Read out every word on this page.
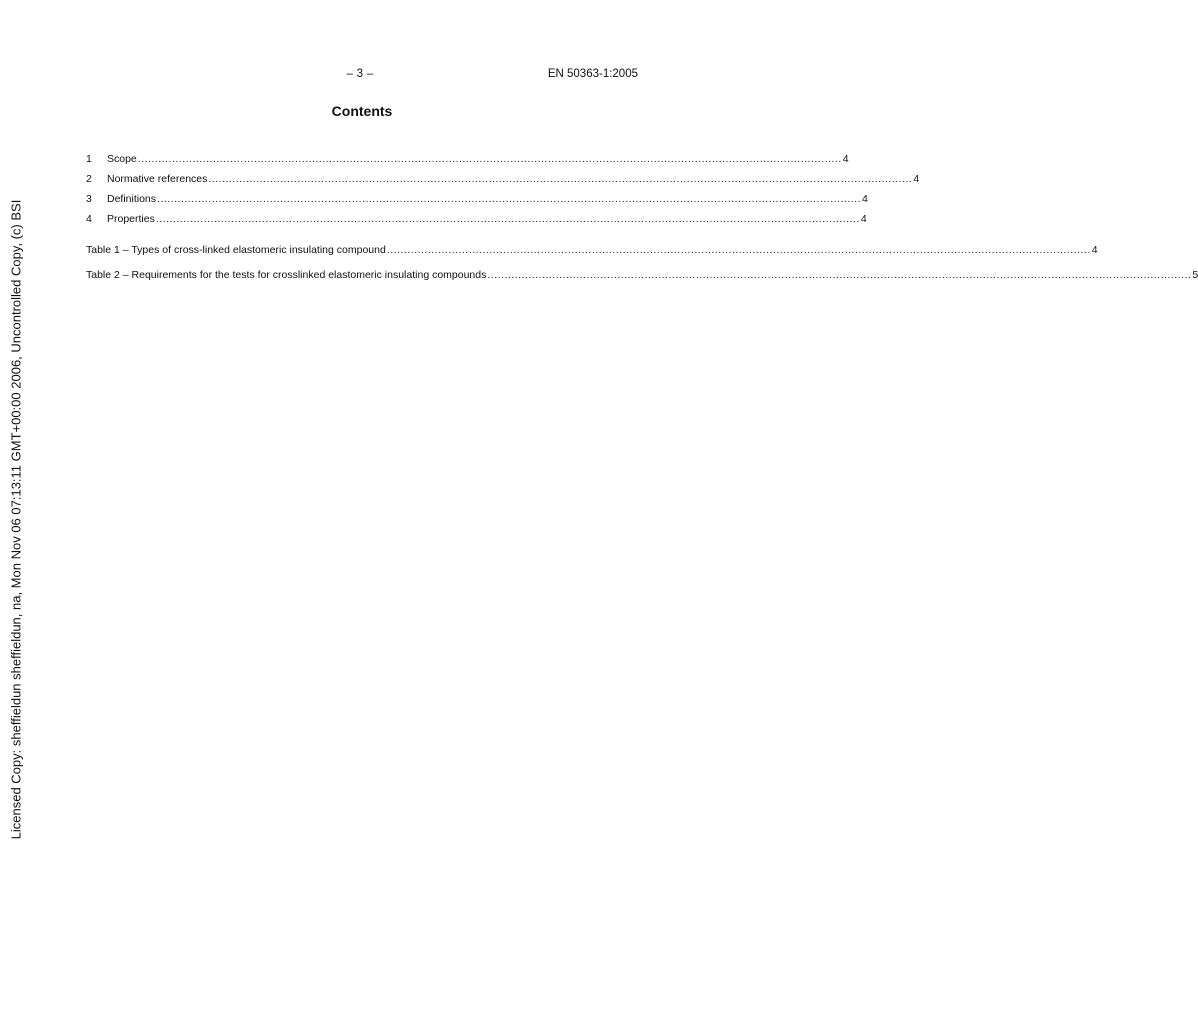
– 3 –	EN 50363-1:2005
Contents
1	Scope .............................................................................................................................................................................................................. 4
2	Normative references .............................................................................................................................................................................................................. 4
3	Definitions .............................................................................................................................................................................................................. 4
4	Properties .............................................................................................................................................................................................................. 4
Table 1 – Types of cross-linked elastomeric insulating compound .............................................................................................................................................................................................................. 4
Table 2 – Requirements for the tests for crosslinked elastomeric insulating compounds .............................................................................................................................................................................................................. 5
Licensed Copy: sheffieldun sheffieldun, na, Mon Nov 06 07:13:11 GMT+00:00 2006, Uncontrolled Copy, (c) BSI
